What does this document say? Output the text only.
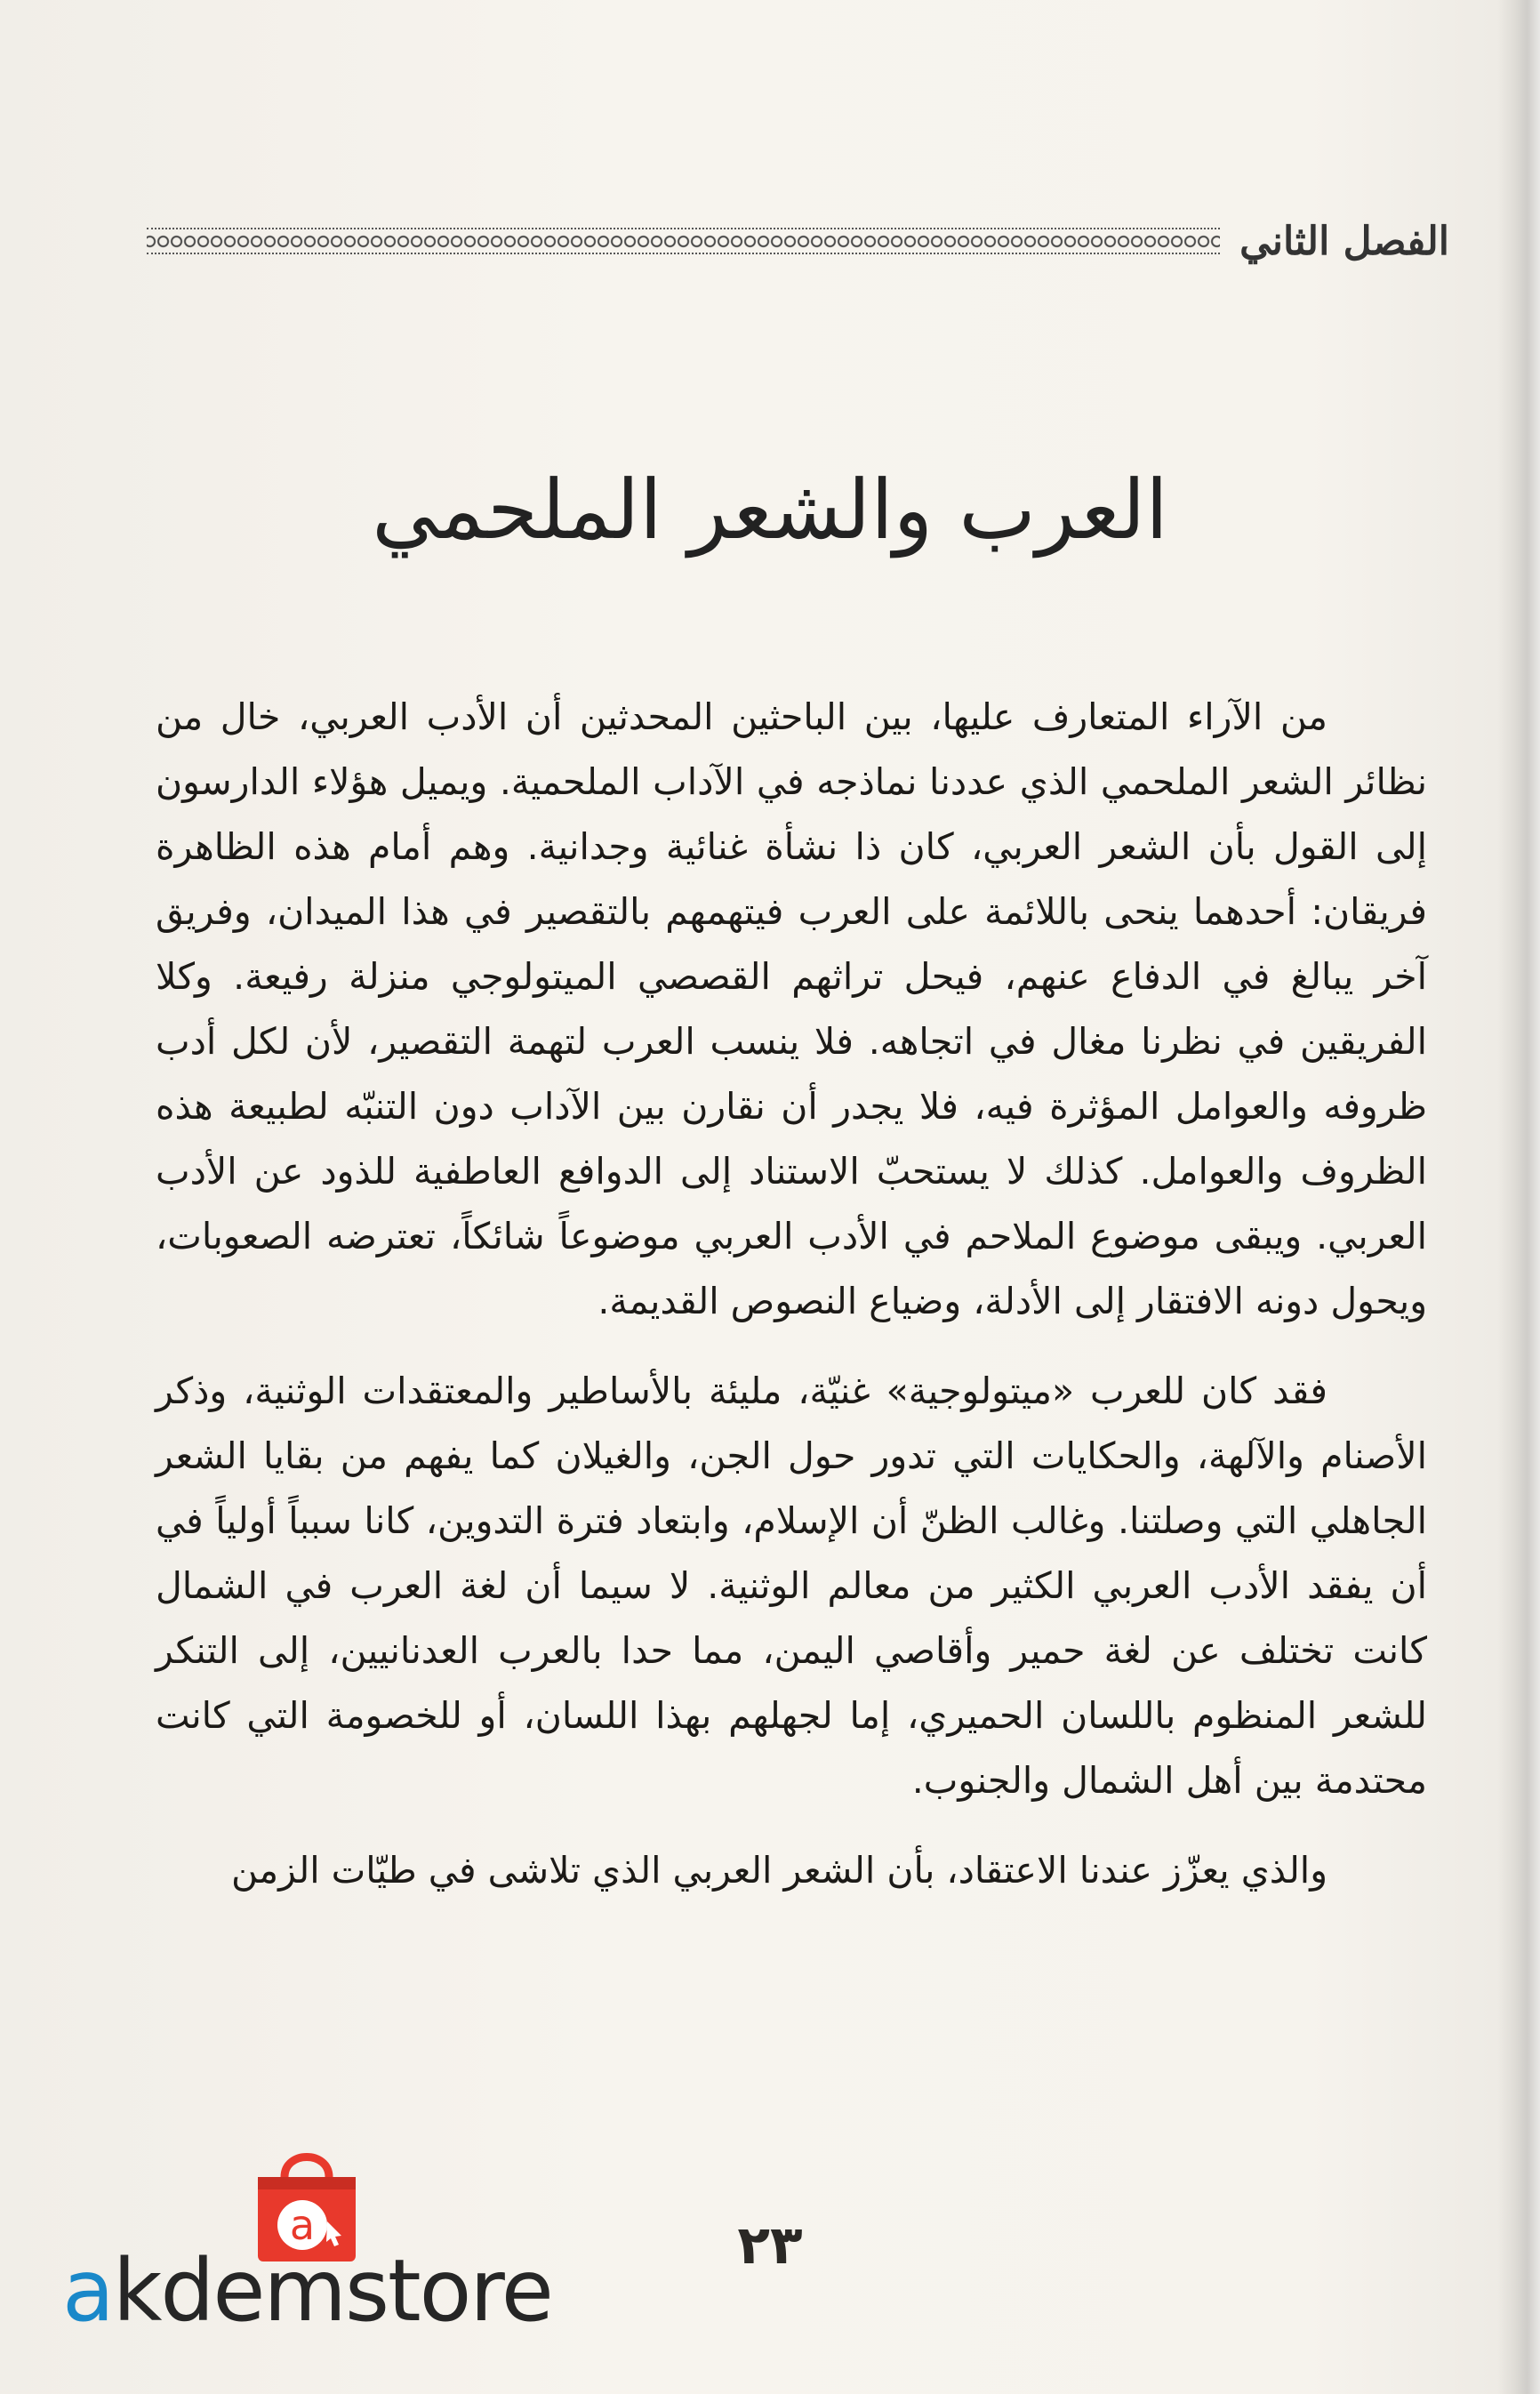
الفصل الثاني
العرب والشعر الملحمي

من الآراء المتعارف عليها، بين الباحثين المحدثين أن الأدب العربي، خال من نظائر الشعر الملحمي الذي عددنا نماذجه في الآداب الملحمية. ويميل هؤلاء الدارسون إلى القول بأن الشعر العربي، كان ذا نشأة غنائية وجدانية. وهم أمام هذه الظاهرة فريقان: أحدهما ينحى باللائمة على العرب فيتهمهم بالتقصير في هذا الميدان، وفريق آخر يبالغ في الدفاع عنهم، فيحل تراثهم القصصي الميتولوجي منزلة رفيعة. وكلا الفريقين في نظرنا مغال في اتجاهه. فلا ينسب العرب لتهمة التقصير، لأن لكل أدب ظروفه والعوامل المؤثرة فيه، فلا يجدر أن نقارن بين الآداب دون التنبّه لطبيعة هذه الظروف والعوامل. كذلك لا يستحبّ الاستناد إلى الدوافع العاطفية للذود عن الأدب العربي. ويبقى موضوع الملاحم في الأدب العربي موضوعاً شائكاً، تعترضه الصعوبات، ويحول دونه الافتقار إلى الأدلة، وضياع النصوص القديمة.

فقد كان للعرب «ميتولوجية» غنيّة، مليئة بالأساطير والمعتقدات الوثنية، وذكر الأصنام والآلهة، والحكايات التي تدور حول الجن، والغيلان كما يفهم من بقايا الشعر الجاهلي التي وصلتنا. وغالب الظنّ أن الإسلام، وابتعاد فترة التدوين، كانا سبباً أولياً في أن يفقد الأدب العربي الكثير من معالم الوثنية. لا سيما أن لغة العرب في الشمال كانت تختلف عن لغة حمير وأقاصي اليمن، مما حدا بالعرب العدنانيين، إلى التنكر للشعر المنظوم باللسان الحميري، إما لجهلهم بهذا اللسان، أو للخصومة التي كانت محتدمة بين أهل الشمال والجنوب.

والذي يعزّز عندنا الاعتقاد، بأن الشعر العربي الذي تلاشى في طيّات الزمن

٢٣
a
akdemstore
